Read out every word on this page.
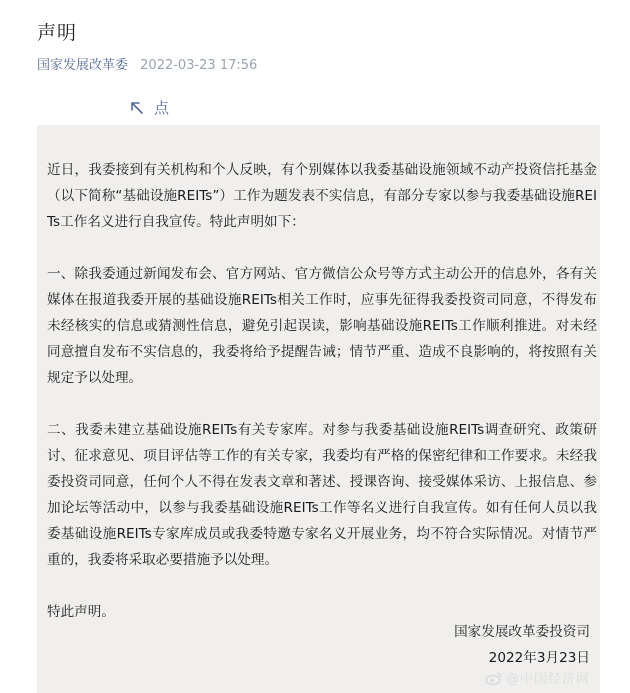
声明
国家发展改革委 2022-03-23 17:56
点

近日，我委接到有关机构和个人反映，有个别媒体以我委基础设施领域不动产投资信托基金（以下简称“基础设施REITs”）工作为题发表不实信息，有部分专家以参与我委基础设施REITs工作名义进行自我宣传。特此声明如下：

一、除我委通过新闻发布会、官方网站、官方微信公众号等方式主动公开的信息外，各有关媒体在报道我委开展的基础设施REITs相关工作时，应事先征得我委投资司同意，不得发布未经核实的信息或猜测性信息，避免引起误读，影响基础设施REITs工作顺利推进。对未经同意擅自发布不实信息的，我委将给予提醒告诫；情节严重、造成不良影响的，将按照有关规定予以处理。

二、我委未建立基础设施REITs有关专家库。对参与我委基础设施REITs调查研究、政策研讨、征求意见、项目评估等工作的有关专家，我委均有严格的保密纪律和工作要求。未经我委投资司同意，任何个人不得在发表文章和著述、授课咨询、接受媒体采访、上报信息、参加论坛等活动中，以参与我委基础设施REITs工作等名义进行自我宣传。如有任何人员以我委基础设施REITs专家库成员或我委特邀专家名义开展业务，均不符合实际情况。对情节严重的，我委将采取必要措施予以处理。

特此声明。

国家发展改革委投资司
2022年3月23日
@中国经济网
